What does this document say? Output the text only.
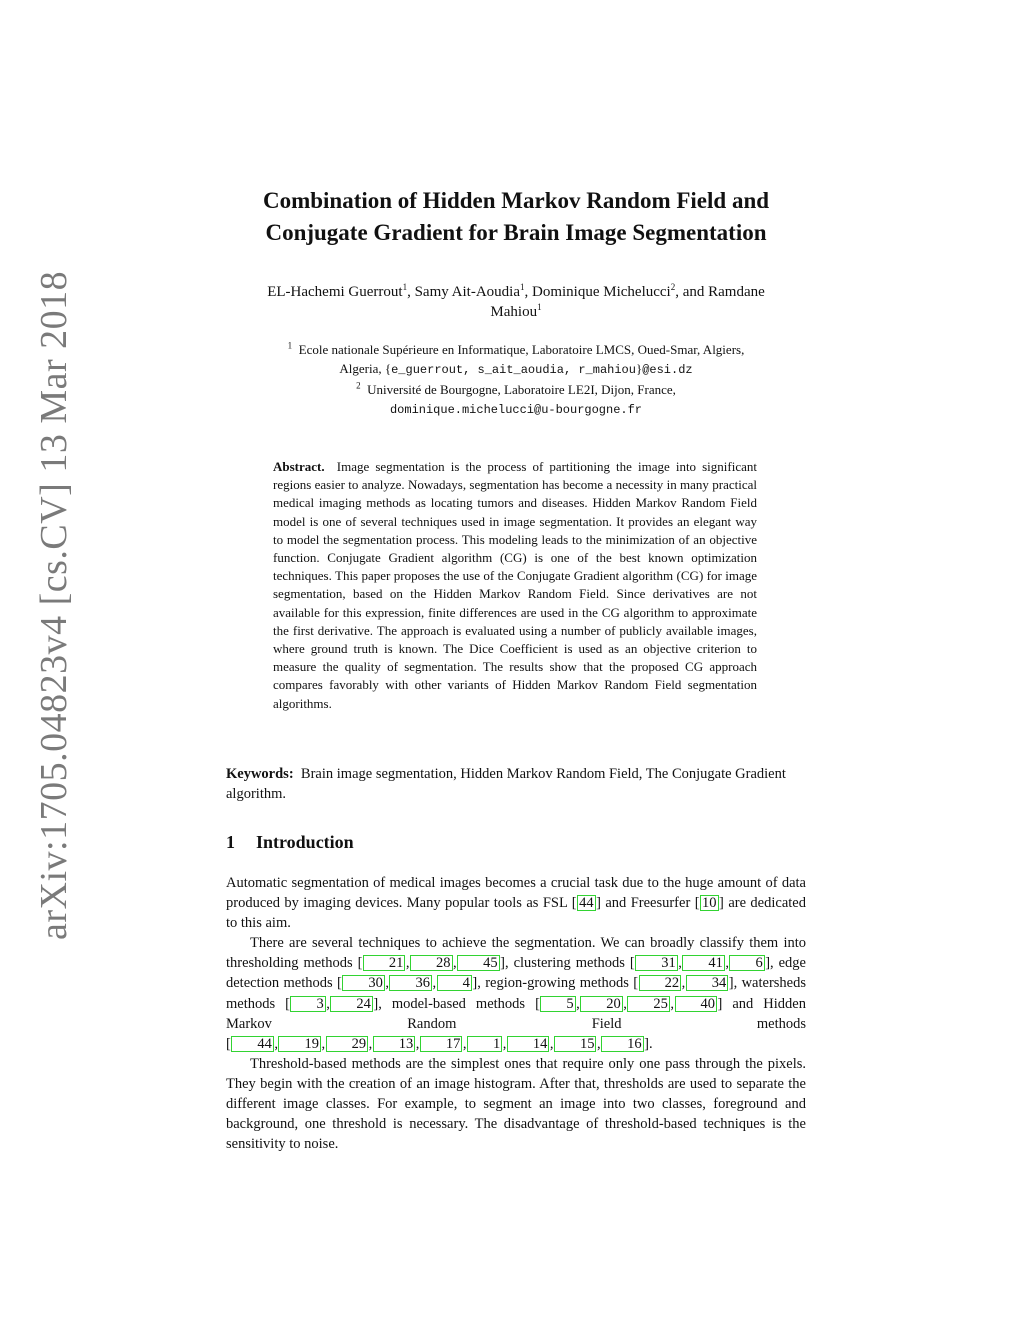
arXiv:1705.04823v4 [cs.CV] 13 Mar 2018
Combination of Hidden Markov Random Field and
Conjugate Gradient for Brain Image Segmentation
EL-Hachemi Guerrout$^1$, Samy Ait-Aoudia$^1$, Dominique Michelucci$^2$, and Ramdane
Mahiou$^1$
$^1$ Ecole nationale Supérieure en Informatique, Laboratoire LMCS, Oued-Smar, Algiers,
Algeria, {e_guerrout, s_ait_aoudia, r_mahiou}@esi.dz
$^2$ Université de Bourgogne, Laboratoire LE2I, Dijon, France,
dominique.michelucci@u-bourgogne.fr
Abstract. Image segmentation is the process of partitioning the image into significant regions easier to analyze. Nowadays, segmentation has become a necessity in many practical medical imaging methods as locating tumors and diseases. Hidden Markov Random Field model is one of several techniques used in image segmentation. It provides an elegant way to model the segmentation process. This modeling leads to the minimization of an objective function. Conjugate Gradient algorithm (CG) is one of the best known optimization techniques. This paper proposes the use of the Conjugate Gradient algorithm (CG) for image segmentation, based on the Hidden Markov Random Field. Since derivatives are not available for this expression, finite differences are used in the CG algorithm to approximate the first derivative. The approach is evaluated using a number of publicly available images, where ground truth is known. The Dice Coefficient is used as an objective criterion to measure the quality of segmentation. The results show that the proposed CG approach compares favorably with other variants of Hidden Markov Random Field segmentation algorithms.
Keywords: Brain image segmentation, Hidden Markov Random Field, The Conjugate Gradient algorithm.
1 Introduction

Automatic segmentation of medical images becomes a crucial task due to the huge amount of data produced by imaging devices. Many popular tools as FSL [ 44 ] and Freesurfer [ 10 ] are dedicated to this aim.

There are several techniques to achieve the segmentation. We can broadly classify them into thresholding methods [ 21 , 28 , 45 ], clustering methods [ 31 , 41 , 6 ], edge detection methods [ 30 , 36 , 4 ], region-growing methods [ 22 , 34 ], watersheds methods [ 3 , 24 ], model-based methods [ 5 , 20 , 25 , 40 ] and Hidden Markov Random Field methods [ 44 , 19 , 29 , 13 , 17 , 1 , 14 , 15 , 16 ].

Threshold-based methods are the simplest ones that require only one pass through the pixels. They begin with the creation of an image histogram. After that, thresholds are used to separate the different image classes. For example, to segment an image into two classes, foreground and background, one threshold is necessary. The disadvantage of threshold-based techniques is the sensitivity to noise.
